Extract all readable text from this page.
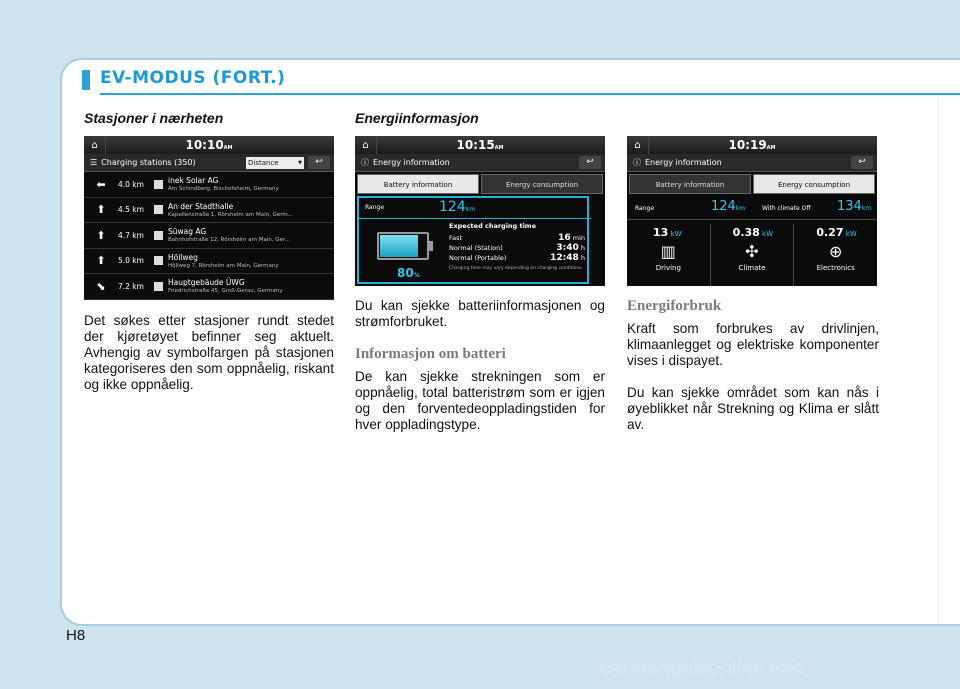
EV-MODUS (FORT.)
Stasjoner i nærheten
⌂	10:10AM
☰ Charging stations (350)	Distance	▼	↩
⬅	4.0 km	inek Solar AG
Am Schindberg, Bischofsheim, Germany
⬆	4.5 km	An der Stadthalle
Kapellenstraße 1, Rörsheim am Main, Germ...
⬆	4.7 km	Süwag AG
Bahnhofstraße 12, Rörsheim am Main, Ger...
⬆	5.0 km	Höllweg
Höllweg 7, Rörsheim am Main, Germany
⬊	7.2 km	Hauptgebäude ÜWG
Friedrichstraße 45, Groß-Gerau, Germany

Det søkes etter stasjoner rundt stedet der kjøretøyet befinner seg aktuelt. Avhengig av symbolfargen på stasjonen kategoriseres den som oppnåelig, riskant og ikke oppnåelig.

Energiinformasjon
⌂	10:15AM
ⓘ Energy information	↩
Battery information	Energy consumption
Range	124km
80%
Expected charging time
Fast	16 min
Normal (Station)	3:40 h
Normal (Portable)	12:48 h
Charging time may vary depending on charging conditions.

Du kan sjekke batteriinformasjonen og strømforbruket.

Informasjon om batteri

De kan sjekke strekningen som er oppnåelig, total batteristrøm som er igjen og den forventedeoppladingstiden for hver oppladingstype.

⌂	10:19AM
ⓘ Energy information	↩
Battery information	Energy consumption
Range	124km	With climate Off 134km
13 kW
▥
Driving
0.38 kW
✣
Climate
0.27 kW
⊕
Electronics
Energiforbruk

Kraft som forbrukes av drivlinjen, klimaanlegget og elektriske komponenter vises i dispayet.

Du kan sjekke området som kan nås i øyeblikket når Strekning og Klima er slått av.

H8
carmanualsonline.info
